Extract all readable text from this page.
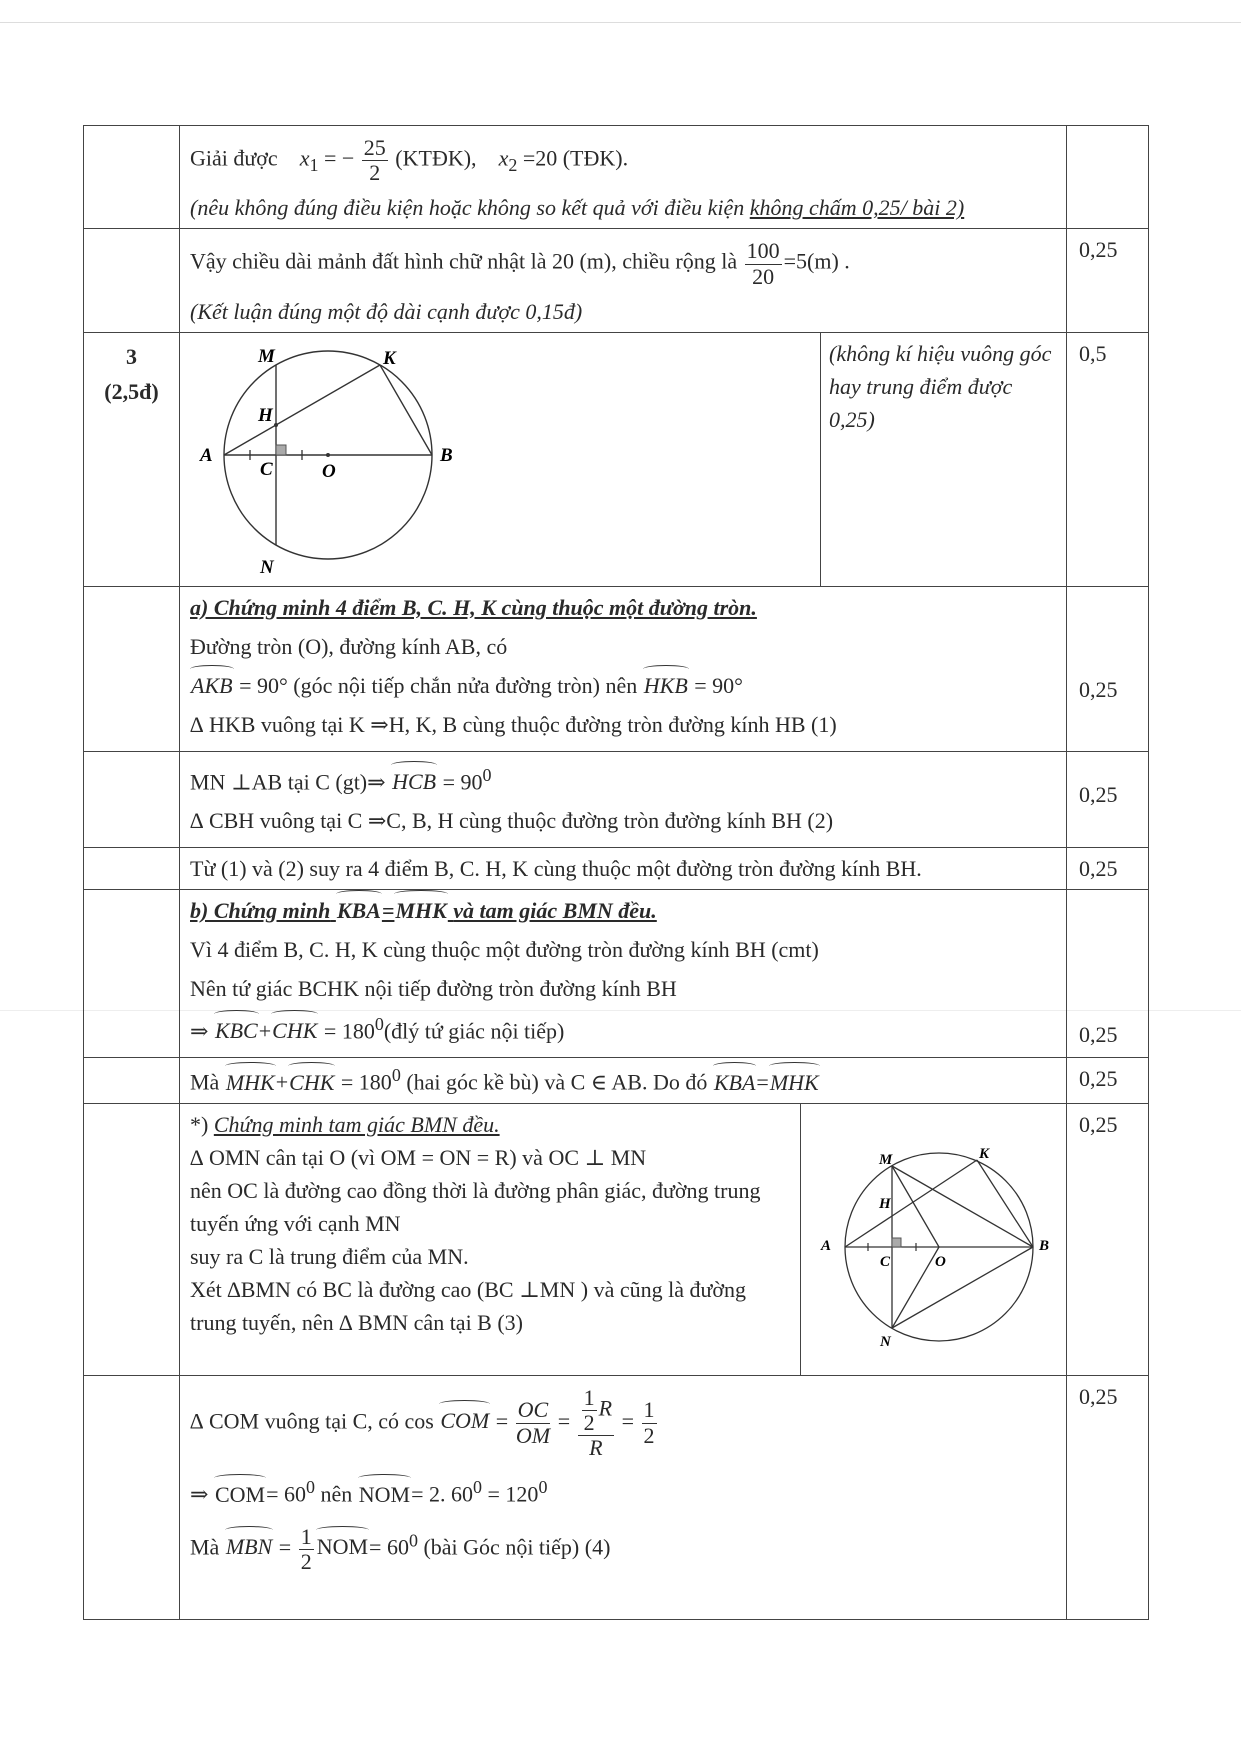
Giải được $x_1$ = − $\frac{25}{2}$ (KTĐK), $x_2 =20$ (TĐK).
(nêu không đúng điều kiện hoặc không so kết quả với điều kiện không chấm 0,25/ bài 2)

Vậy chiều dài mảnh đất hình chữ nhật là 20 (m), chiều rộng là $\frac{100}{20} =5(m)$ .
(Kết luận đúng một độ dài cạnh được 0,15đ)
	0,25

3
(2,5đ)

M	K
H
A
C	O
B
N
	(không kí hiệu vuông góc hay trung điểm được 0,25)
	0,5

a) Chứng minh 4 điểm B, C. H, K cùng thuộc một đường tròn.
Đường tròn (O), đường kính AB, có
AKB = 90° (góc nội tiếp chắn nửa đường tròn) nên HKB = 90°
∆ HKB vuông tại K ⇒H, K, B cùng thuộc đường tròn đường kính HB (1)

0,25

MN ⊥AB tại C (gt)⇒ HCB = $90^0$
∆ CBH vuông tại C ⇒C, B, H cùng thuộc đường tròn đường kính BH (2)

0,25

	Từ (1) và (2) suy ra 4 điểm B, C. H, K cùng thuộc một đường tròn đường kính BH.	0,25

b) Chứng minh KBA=MHK và tam giác BMN đều.
Vì 4 điểm B, C. H, K cùng thuộc một đường tròn đường kính BH (cmt)
Nên tứ giác BCHK nội tiếp đường tròn đường kính BH
⇒ $KBC+CHK = 180^0(đlý$ tứ giác nội tiếp)	0,25

	Mà $MHK+CHK = 180^0$ (hai góc kề bù) và C ∈ AB. Do đó KBA=MHK	0,25

*) Chứng minh tam giác BMN đều.
∆ OMN cân tại O (vì OM = ON = R) và OC ⊥ MN
nên OC là đường cao đồng thời là đường phân giác, đường trung tuyến ứng với cạnh MN
suy ra C là trung điểm của MN.
Xét ∆BMN có BC là đường cao (BC ⊥MN ) và cũng là đường trung tuyến, nên ∆ BMN cân tại B (3)

M	K
H
A
C	O
B
N
	0,25

∆ COM vuông tại C, có cos COM = $\frac{OC}{OM} = \frac{\frac{1}{2} R}{R} = \frac{1}{2}$
⇒ $COM= 60^0$ nên NOM= 2. $60^0 = 120^0$
Mà MBN = $\frac{1}{2} NOM= 60^0$ (bài Góc nội tiếp) (4)
	0,25
